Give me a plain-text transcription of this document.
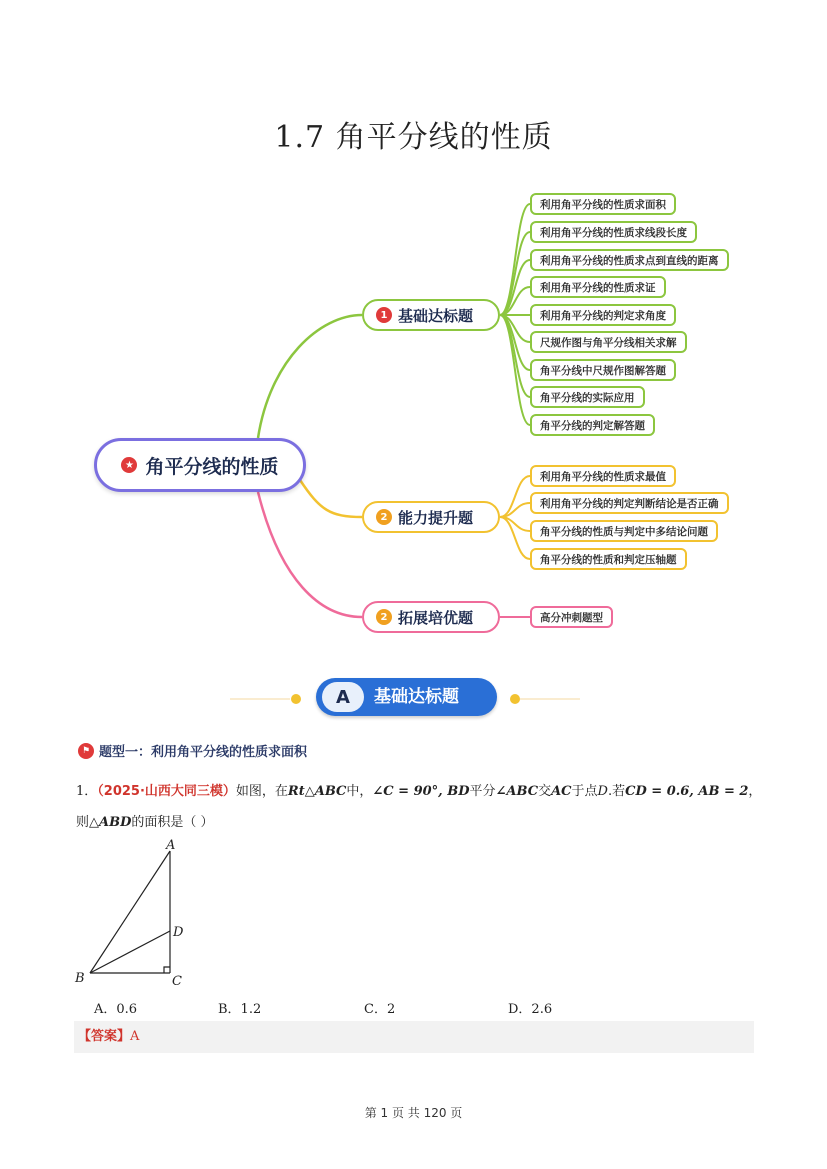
1.7 角平分线的性质
★ 角平分线的性质
1 基础达标题
利用角平分线的性质求面积
利用角平分线的性质求线段长度
利用角平分线的性质求点到直线的距离
利用角平分线的性质求证
利用角平分线的判定求角度
尺规作图与角平分线相关求解
角平分线中尺规作图解答题
角平分线的实际应用
角平分线的判定解答题
2 能力提升题
利用角平分线的性质求最值
利用角平分线的判定判断结论是否正确
角平分线的性质与判定中多结论问题
角平分线的性质和判定压轴题
2 拓展培优题	高分冲刺题型
A	基础达标题
⚑ 题型一：利用角平分线的性质求面积
1．（2025·山西大同三模）如图，在Rt△ABC中，∠C = 90°, BD平分∠ABC交AC于点D.若CD = 0.6, AB = 2，
则△ABD的面积是（ ）
A
B	C
D
A．0.6	B．1.2	C．2	D．2.6
【答案】A
第 1 页 共 120 页
